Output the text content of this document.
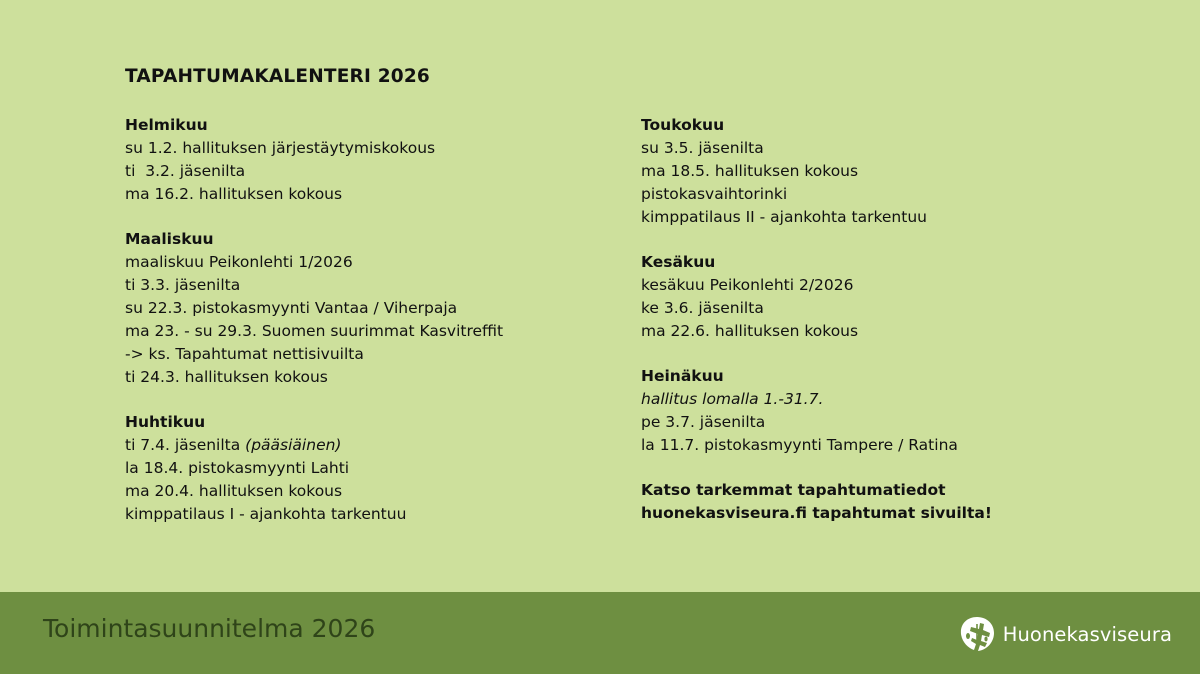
TAPAHTUMAKALENTERI 2026
Helmikuu
su 1.2. hallituksen järjestäytymiskokous
ti  3.2. jäsenilta
ma 16.2. hallituksen kokous
Maaliskuu
maaliskuu Peikonlehti 1/2026
ti 3.3. jäsenilta
su 22.3. pistokasmyynti Vantaa / Viherpaja
ma 23. - su 29.3. Suomen suurimmat Kasvitreffit
-> ks. Tapahtumat nettisivuilta
ti 24.3. hallituksen kokous
Huhtikuu
ti 7.4. jäsenilta (pääsiäinen)
la 18.4. pistokasmyynti Lahti
ma 20.4. hallituksen kokous
kimppatilaus I - ajankohta tarkentuu
Toukokuu
su 3.5. jäsenilta
ma 18.5. hallituksen kokous
pistokasvaihtorinki
kimppatilaus II - ajankohta tarkentuu
Kesäkuu
kesäkuu Peikonlehti 2/2026
ke 3.6. jäsenilta
ma 22.6. hallituksen kokous
Heinäkuu
hallitus lomalla 1.-31.7.
pe 3.7. jäsenilta
la 11.7. pistokasmyynti Tampere / Ratina
Katso tarkemmat tapahtumatiedot
huonekasviseura.fi tapahtumat sivuilta!
Toimintasuunnitelma 2026	Huonekasviseura
